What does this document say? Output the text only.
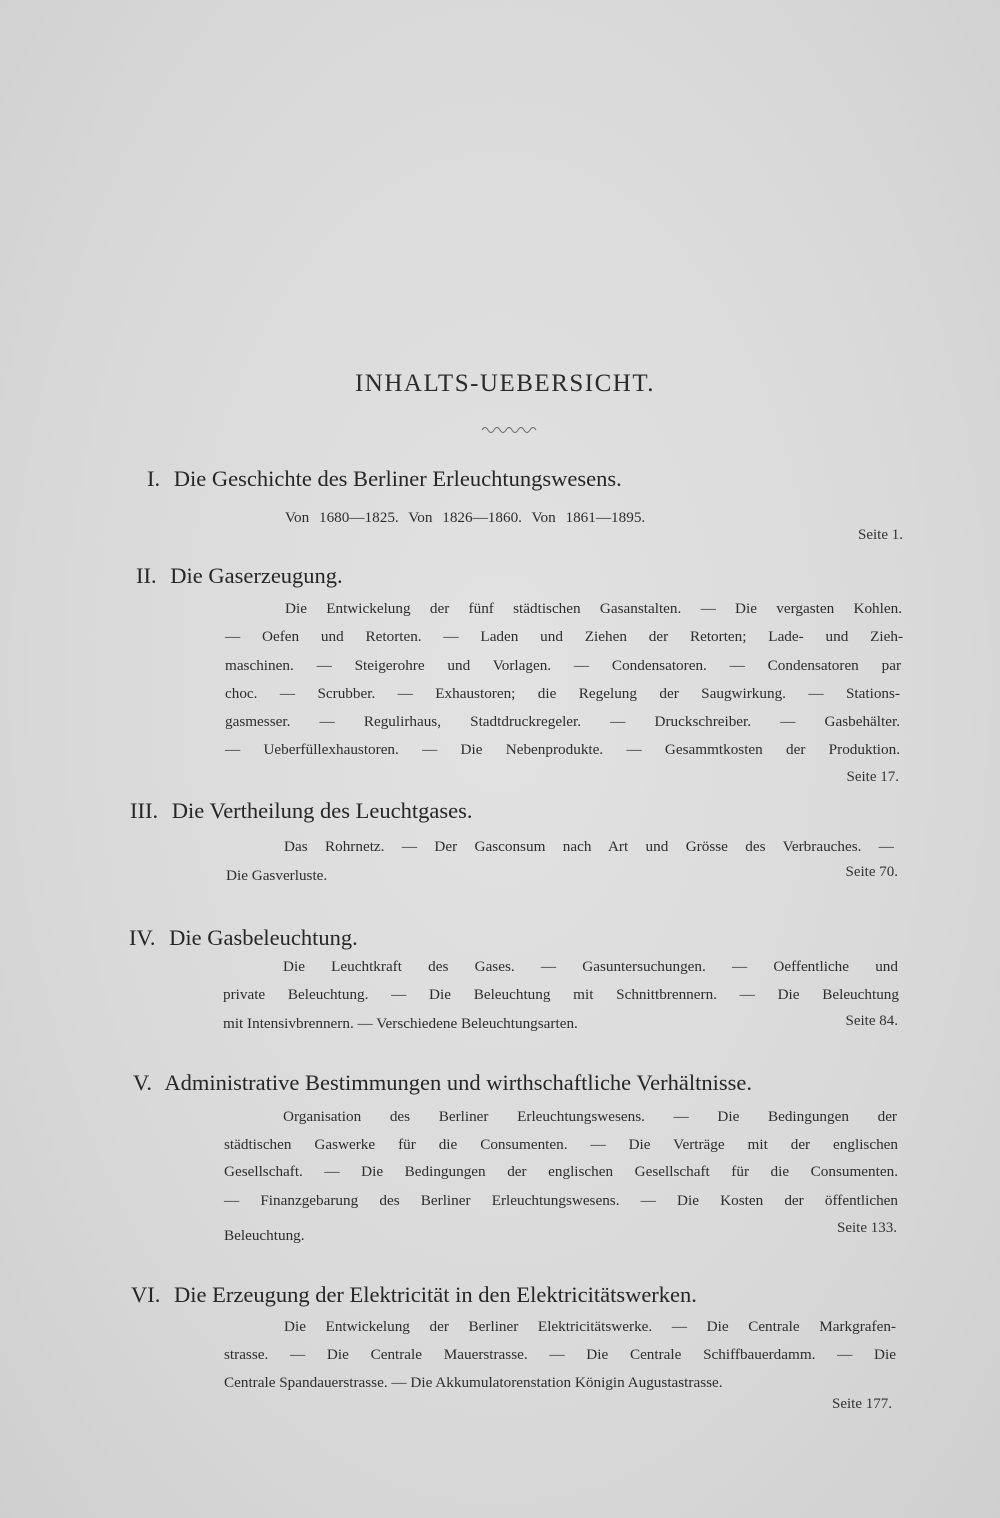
INHALTS-UEBERSICHT.
I. Die Geschichte des Berliner Erleuchtungswesens.
Von 1680—1825. Von 1826—1860. Von 1861—1895.
Seite 1.
II. Die Gaserzeugung.
Die Entwickelung der fünf städtischen Gasanstalten. — Die vergasten Kohlen.
— Oefen und Retorten. — Laden und Ziehen der Retorten; Lade- und Zieh-
maschinen. — Steigerohre und Vorlagen. — Condensatoren. — Condensatoren par
choc. — Scrubber. — Exhaustoren; die Regelung der Saugwirkung. — Stations-
gasmesser. — Regulirhaus, Stadtdruckregeler. — Druckschreiber. — Gasbehälter.
— Ueberfüllexhaustoren. — Die Nebenprodukte. — Gesammtkosten der Produktion.
Seite 17.
III. Die Vertheilung des Leuchtgases.
Das Rohrnetz. — Der Gasconsum nach Art und Grösse des Verbrauches. —
Die Gasverluste.	Seite 70.
IV. Die Gasbeleuchtung.
Die Leuchtkraft des Gases. — Gasuntersuchungen. — Oeffentliche und
private Beleuchtung. — Die Beleuchtung mit Schnittbrennern. — Die Beleuchtung
mit Intensivbrennern. — Verschiedene Beleuchtungsarten.	Seite 84.
V. Administrative Bestimmungen und wirthschaftliche Verhältnisse.
Organisation des Berliner Erleuchtungswesens. — Die Bedingungen der
städtischen Gaswerke für die Consumenten. — Die Verträge mit der englischen
Gesellschaft. — Die Bedingungen der englischen Gesellschaft für die Consumenten.
— Finanzgebarung des Berliner Erleuchtungswesens. — Die Kosten der öffentlichen
Beleuchtung.	Seite 133.
VI. Die Erzeugung der Elektricität in den Elektricitätswerken.
Die Entwickelung der Berliner Elektricitätswerke. — Die Centrale Markgrafen-
strasse. — Die Centrale Mauerstrasse. — Die Centrale Schiffbauerdamm. — Die
Centrale Spandauerstrasse. — Die Akkumulatorenstation Königin Augustastrasse.
Seite 177.
